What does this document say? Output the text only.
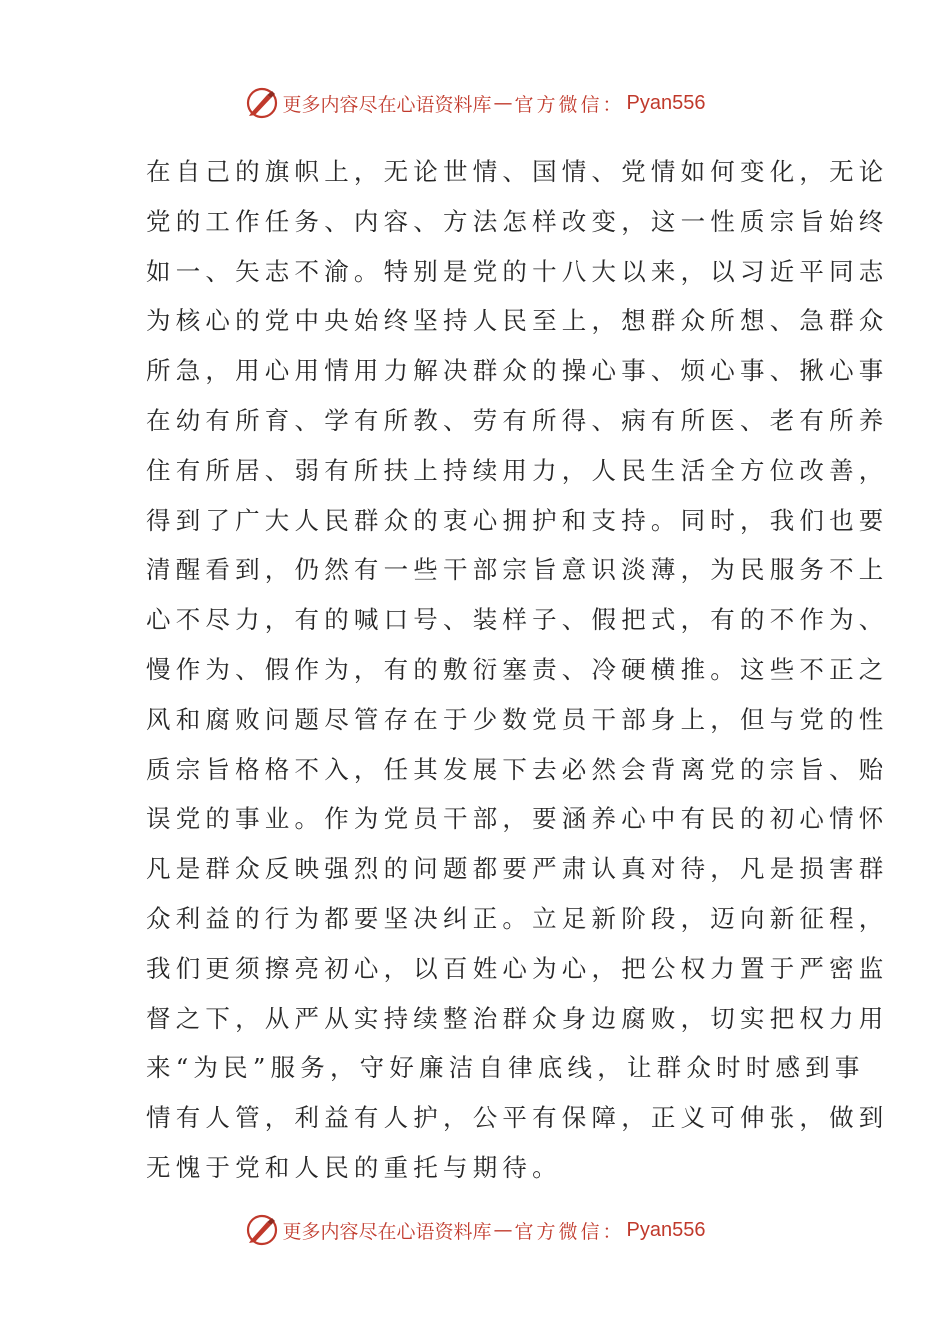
更多内容尽在心语资料库 — 官方微信： Pyan556
在自己的旗帜上，无论世情、国情、党情如何变化，无论
党的工作任务、内容、方法怎样改变，这一性质宗旨始终
如一、矢志不渝。特别是党的十八大以来，以习近平同志
为核心的党中央始终坚持人民至上，想群众所想、急群众
所急，用心用情用力解决群众的操心事、烦心事、揪心事
在幼有所育、学有所教、劳有所得、病有所医、老有所养
住有所居、弱有所扶上持续用力，人民生活全方位改善，
得到了广大人民群众的衷心拥护和支持。同时，我们也要
清醒看到，仍然有一些干部宗旨意识淡薄，为民服务不上
心不尽力，有的喊口号、装样子、假把式，有的不作为、
慢作为、假作为，有的敷衍塞责、冷硬横推。这些不正之
风和腐败问题尽管存在于少数党员干部身上，但与党的性
质宗旨格格不入，任其发展下去必然会背离党的宗旨、贻
误党的事业。作为党员干部，要涵养心中有民的初心情怀
凡是群众反映强烈的问题都要严肃认真对待，凡是损害群
众利益的行为都要坚决纠正。立足新阶段，迈向新征程，
我们更须擦亮初心，以百姓心为心，把公权力置于严密监
督之下，从严从实持续整治群众身边腐败，切实把权力用
来“为民”服务，守好廉洁自律底线，让群众时时感到事
情有人管，利益有人护，公平有保障，正义可伸张，做到
无愧于党和人民的重托与期待。
更多内容尽在心语资料库 — 官方微信： Pyan556
